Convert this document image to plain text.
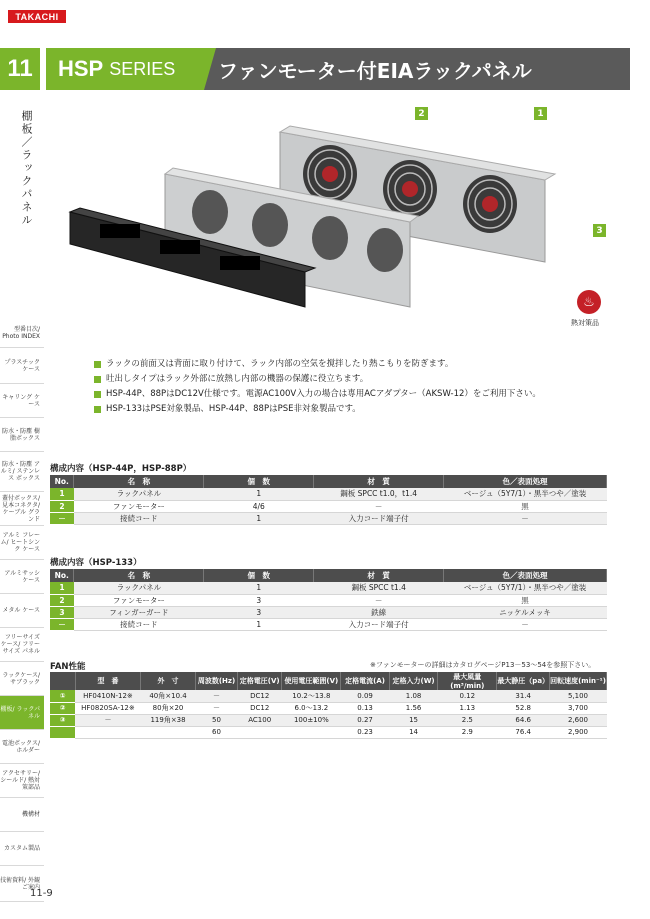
TAKACHI
11	HSP SERIES	ファンモーター付EIAラックパネル
棚板／ラックパネル
型番目次/ Photo INDEX
プラスチック ケース
キャリング ケース
防水・防塵 樹脂ボックス
防水・防塵 アルミ/ ステンレス ボックス
蓋付ボックス/ 見本コネクタ/ ケーブル グランド
アルミ フレーム/ ヒートシンク ケース
アルミサッシ ケース
メタル ケース
フリーサイズ ケース/ フリーサイズ パネル
ラックケース/ サブラック
棚板/ ラックパネル
電池ボックス/ ホルダー
アクセサリー/ シールド/ 熱対策部品
機構材
カスタム製品
技術資料/ 外観ご案内
11-9
2	1
3
♨
熱対策品
ラックの前面又は背面に取り付けて、ラック内部の空気を撹拌したり熱こもりを防ぎます。
吐出しタイプはラック外部に放熱し内部の機器の保護に役立ちます。
HSP-44P、88PはDC12V仕様です。電源AC100V入力の場合は専用ACアダプター（AKSW-12）をご利用下さい。
HSP-133はPSE対象製品、HSP-44P、88PはPSE非対象製品です。
構成内容（HSP-44P，HSP-88P）
No.	名　称	個　数	材　質	色／表面処理
1	ラックパネル	1	鋼板 SPCC t1.0，t1.4	ベージュ（5Y7/1）・黒半つや／塗装
2	ファンモーター	4/6	－	黒
－	接続コード	1	入力コード端子付	－
構成内容（HSP-133）
No.	名　称	個　数	材　質	色／表面処理
1	ラックパネル	1	鋼板 SPCC t1.4	ベージュ（5Y7/1）・黒半つや／塗装
2	ファンモーター	3	－	黒
3	フィンガーガード	3	鉄線	ニッケルメッキ
－	接続コード	1	入力コード端子付	－
FAN性能	※ファンモーターの詳細はカタログページP13－53～54を参照下さい。
	型　番	外　寸	周波数(Hz)	定格電圧(V)	使用電圧範囲(V)	定格電流(A)	定格入力(W)	最大風量(m³/min)	最大静圧（pa）	回転速度(min⁻¹)
①	HF0410N-12※	40角×10.4	－	DC12	10.2～13.8	0.09	1.08	0.12	31.4	5,100
②	HF0820SA-12※	80角×20	－	DC12	6.0～13.2	0.13	1.56	1.13	52.8	3,700
③	－	119角×38	50	AC100	100±10%	0.27	15	2.5	64.6	2,600
			60			0.23	14	2.9	76.4	2,900
